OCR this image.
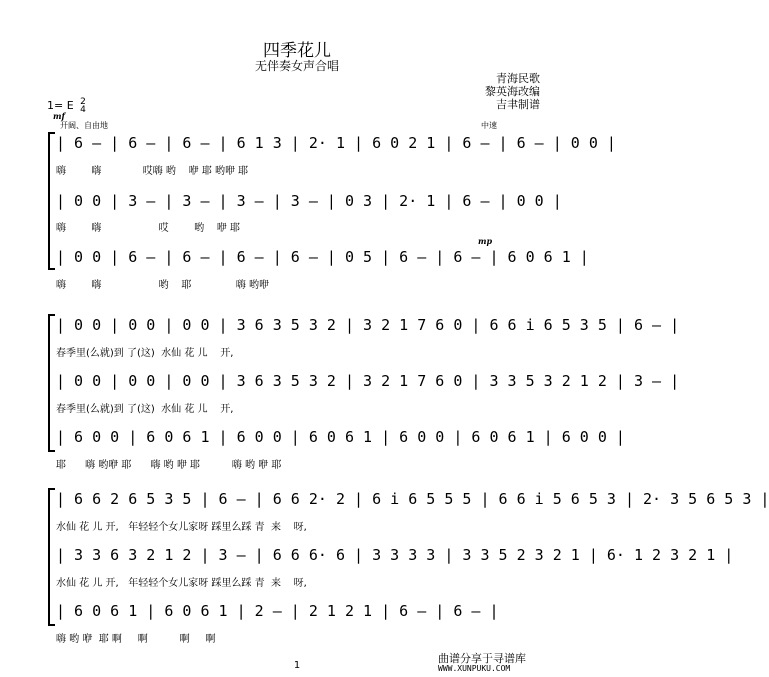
四季花儿
无伴奏女声合唱
青海民歌
黎英海改编
吉聿制谱
1= E 2
4
mf
开阔、自由地	中速
mp
| 6 — | 6 — | 6 — | 6 1 3 | 2· 1 | 6 0 2 1 | 6 — | 6 — | 0 0 |
嗨        嗨             哎嗨 哟    咿 耶 哟咿 耶
| 0 0 | 3 — | 3 — | 3 — | 3 — | 0 3 | 2· 1 | 6 — | 0 0 |
嗨        嗨                  哎        哟    咿 耶
| 0 0 | 6 — | 6 — | 6 — | 6 — | 0 5 | 6 — | 6 — | 6 0 6 1 |
嗨        嗨                  哟    耶              嗨 哟咿
| 0 0 | 0 0 | 0 0 | 3 6 3 5 3 2 | 3 2 1 7 6 0 | 6 6 i 6 5 3 5 | 6 — |
春季里(么就)到 了(这)  水仙 花 儿    开,
| 0 0 | 0 0 | 0 0 | 3 6 3 5 3 2 | 3 2 1 7 6 0 | 3 3 5 3 2 1 2 | 3 — |
春季里(么就)到 了(这)  水仙 花 儿    开,
| 6 0 0 | 6 0 6 1 | 6 0 0 | 6 0 6 1 | 6 0 0 | 6 0 6 1 | 6 0 0 |
耶      嗨 哟咿 耶      嗨 哟 咿 耶          嗨 哟 咿 耶
| 6 6 2 6 5 3 5 | 6 — | 6 6 2· 2 | 6 i 6 5 5 5 | 6 6 i 5 6 5 3 | 2· 3 5 6 5 3 |
水仙 花 儿 开,   年轻轻个女儿家呀 踩里么踩 青  来    呀,
| 3 3 6 3 2 1 2 | 3 — | 6 6 6· 6 | 3 3 3 3 | 3 3 5 2 3 2 1 | 6· 1 2 3 2 1 |
水仙 花 儿 开,   年轻轻个女儿家呀 踩里么踩 青  来    呀,
| 6 0 6 1 | 6 0 6 1 | 2 — | 2 1 2 1 | 6 — | 6 — |
嗨 哟 咿  耶 啊     啊          啊     啊
1
曲谱分享于寻谱库
WWW.XUNPUKU.COM
